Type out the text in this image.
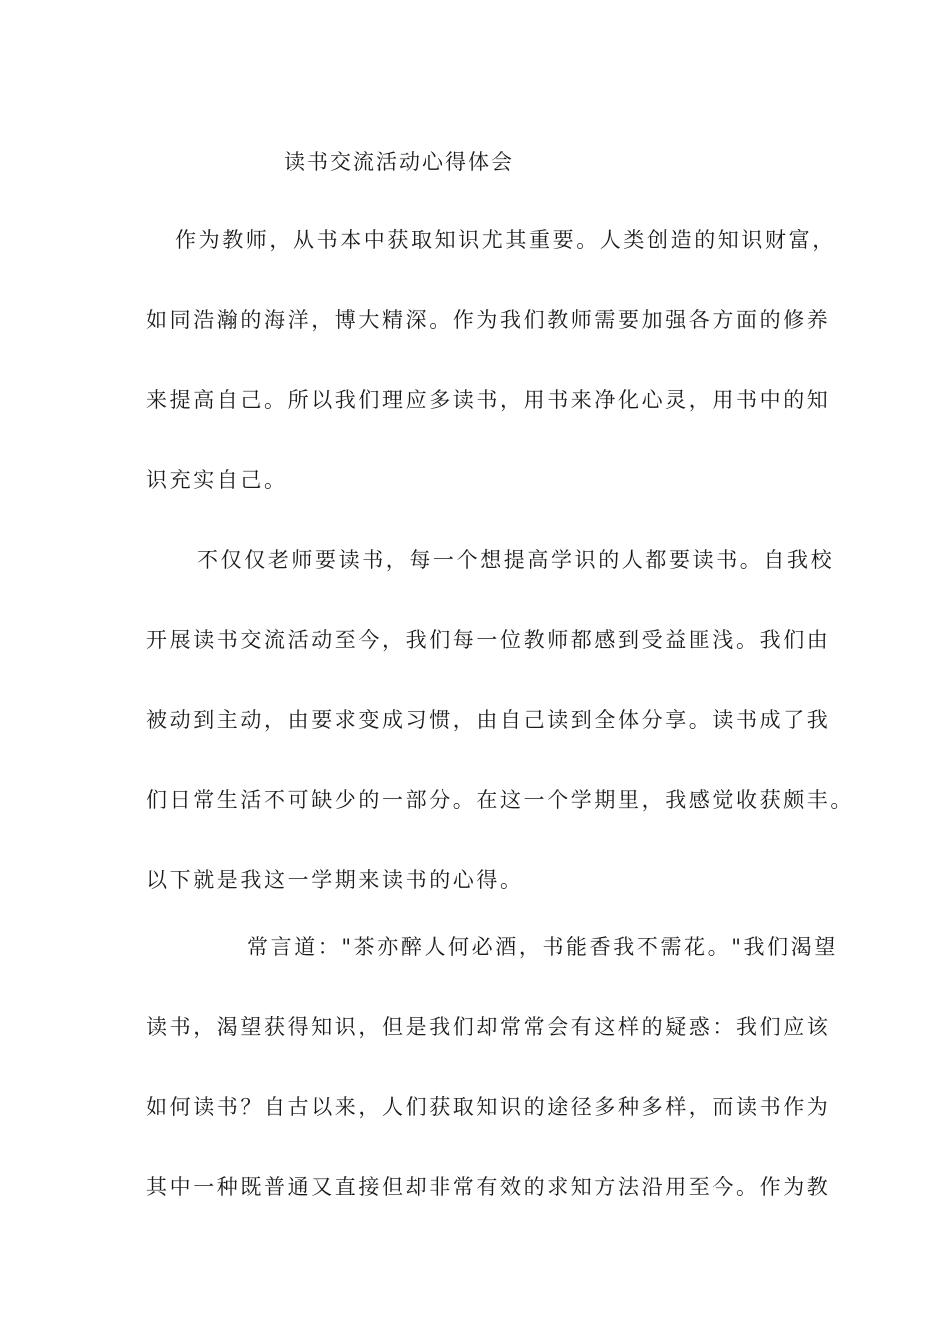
读书交流活动心得体会
作为教师，从书本中获取知识尤其重要。人类创造的知识财富，
如同浩瀚的海洋，博大精深。作为我们教师需要加强各方面的修养
来提高自己。所以我们理应多读书，用书来净化心灵，用书中的知
识充实自己。
不仅仅老师要读书，每一个想提高学识的人都要读书。自我校
开展读书交流活动至今，我们每一位教师都感到受益匪浅。我们由
被动到主动，由要求变成习惯，由自己读到全体分享。读书成了我
们日常生活不可缺少的一部分。在这一个学期里，我感觉收获颇丰。
以下就是我这一学期来读书的心得。
常言道："茶亦醉人何必酒，书能香我不需花。"我们渴望
读书，渴望获得知识，但是我们却常常会有这样的疑惑：我们应该
如何读书？自古以来，人们获取知识的途径多种多样，而读书作为
其中一种既普通又直接但却非常有效的求知方法沿用至今。作为教
